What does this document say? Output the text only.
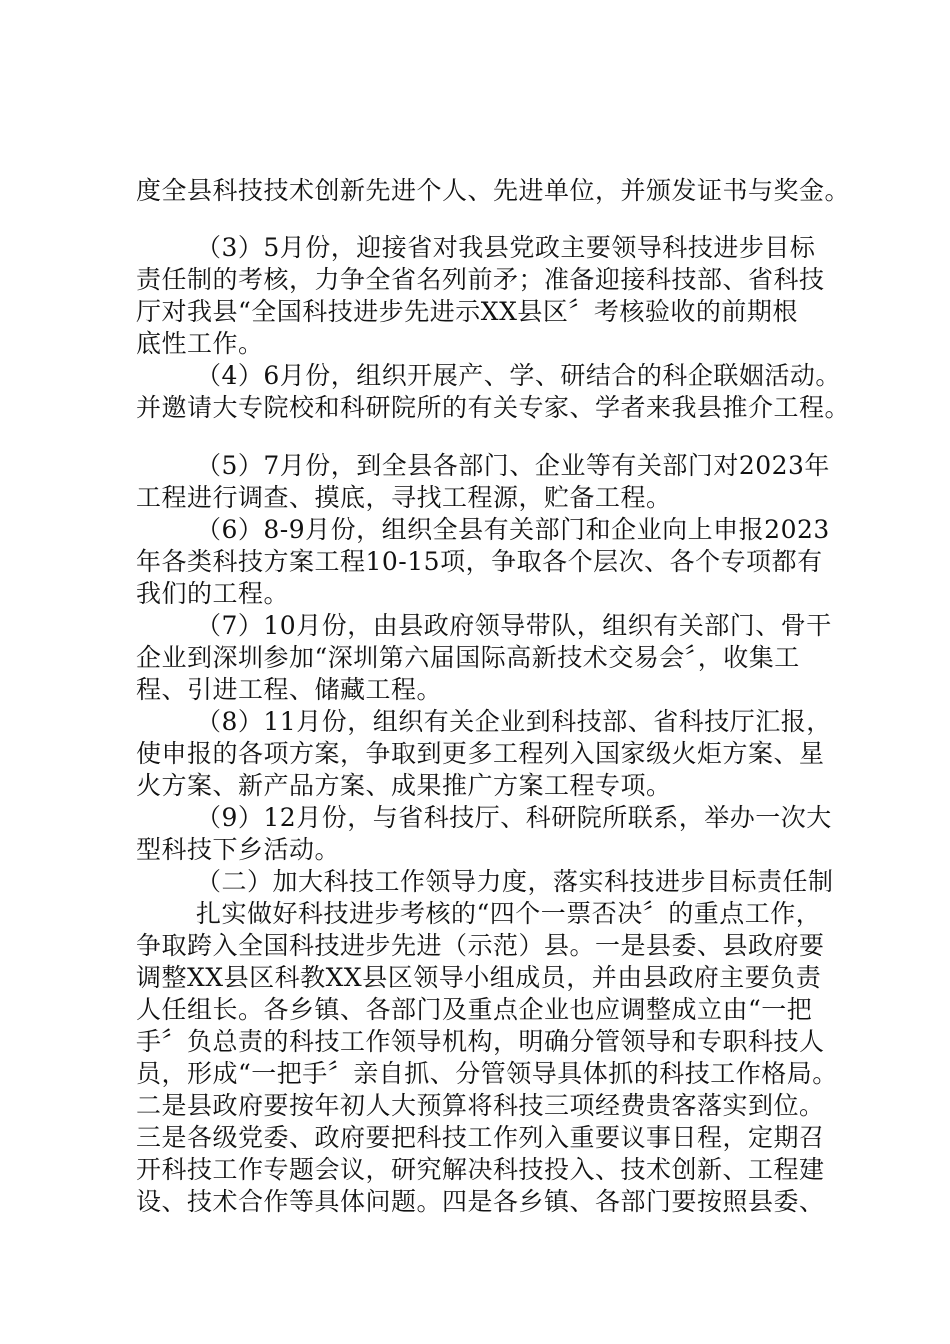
度全县科技技术创新先进个人、先进单位，并颁发证书与奖金。
（3）5月份，迎接省对我县党政主要领导科技进步目标
责任制的考核，力争全省名列前矛；准备迎接科技部、省科技
厅对我县“全国科技进步先进示XX县区〞考核验收的前期根
底性工作。
（4）6月份，组织开展产、学、研结合的科企联姻活动。
并邀请大专院校和科研院所的有关专家、学者来我县推介工程。
（5）7月份，到全县各部门、企业等有关部门对2023年
工程进行调查、摸底，寻找工程源，贮备工程。
（6）8-9月份，组织全县有关部门和企业向上申报2023
年各类科技方案工程10-15项，争取各个层次、各个专项都有
我们的工程。
（7）10月份，由县政府领导带队，组织有关部门、骨干
企业到深圳参加“深圳第六届国际高新技术交易会〞，收集工
程、引进工程、储藏工程。
（8）11月份，组织有关企业到科技部、省科技厅汇报，
使申报的各项方案，争取到更多工程列入国家级火炬方案、星
火方案、新产品方案、成果推广方案工程专项。
（9）12月份，与省科技厅、科研院所联系，举办一次大
型科技下乡活动。
（二）加大科技工作领导力度，落实科技进步目标责任制
扎实做好科技进步考核的“四个一票否决〞的重点工作，
争取跨入全国科技进步先进（示范）县。一是县委、县政府要
调整XX县区科教XX县区领导小组成员，并由县政府主要负责
人任组长。各乡镇、各部门及重点企业也应调整成立由“一把
手〞负总责的科技工作领导机构，明确分管领导和专职科技人
员，形成“一把手〞亲自抓、分管领导具体抓的科技工作格局。
二是县政府要按年初人大预算将科技三项经费贵客落实到位。
三是各级党委、政府要把科技工作列入重要议事日程，定期召
开科技工作专题会议，研究解决科技投入、技术创新、工程建
设、技术合作等具体问题。四是各乡镇、各部门要按照县委、
